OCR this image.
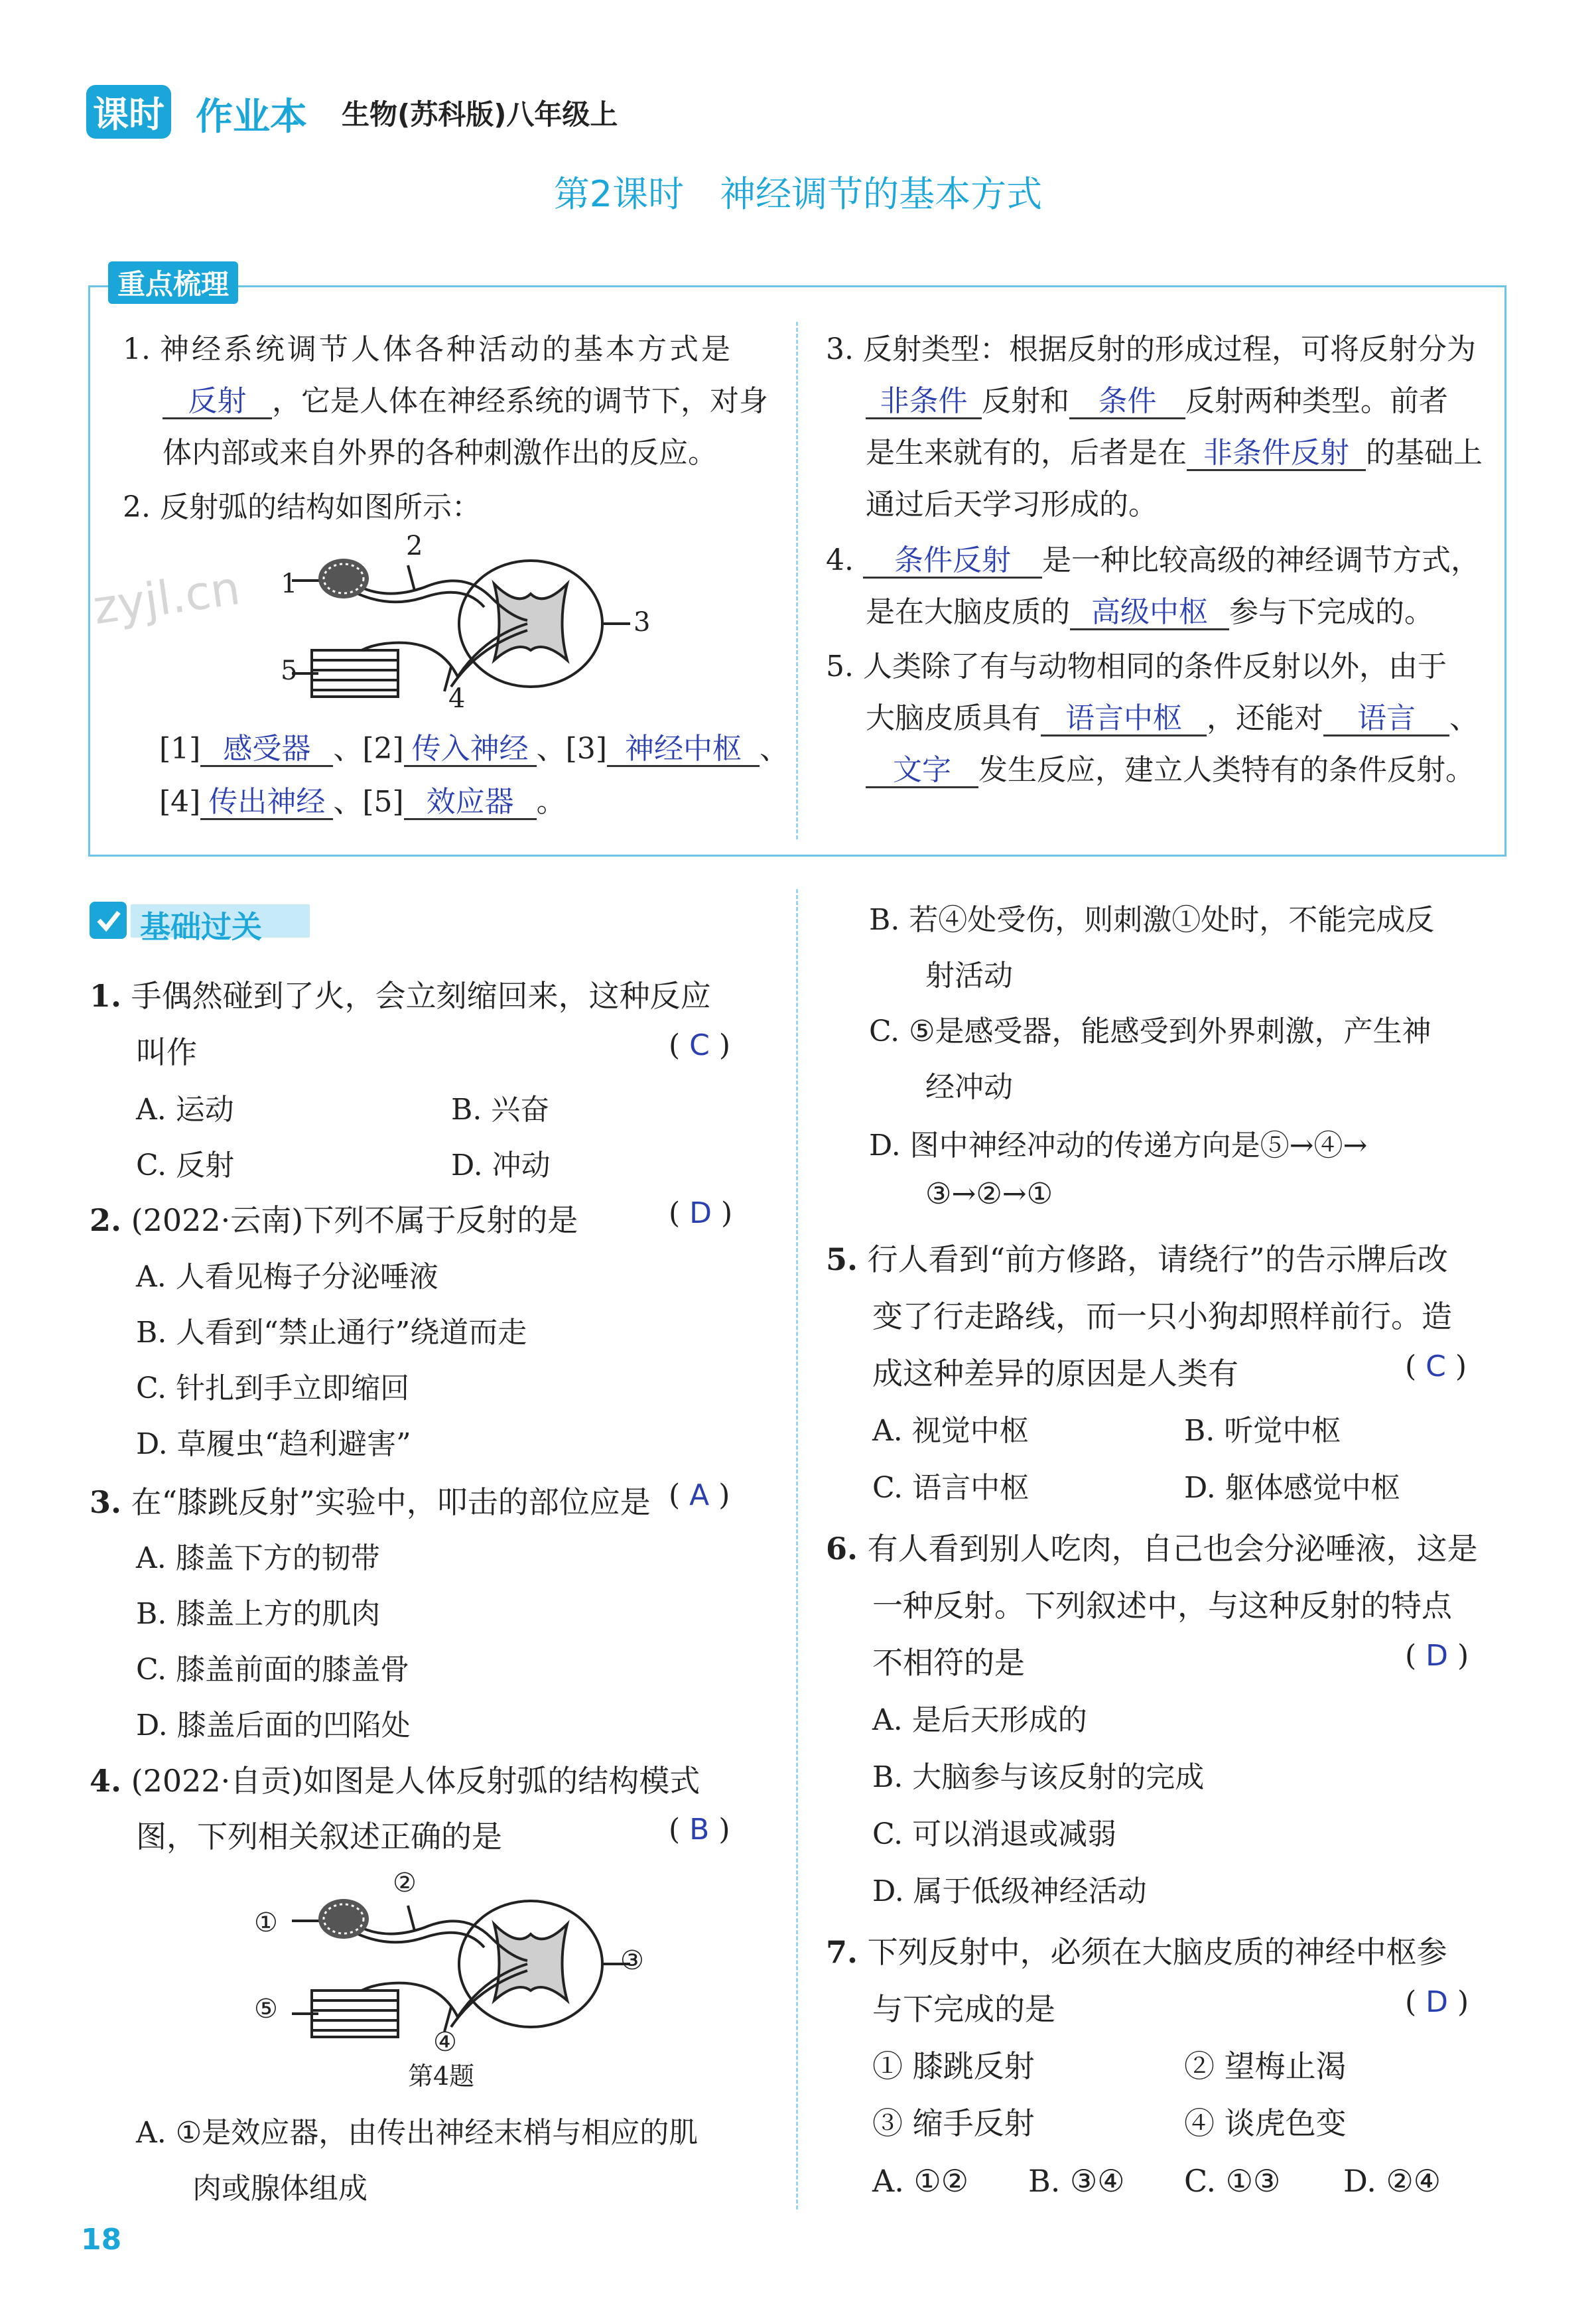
课时 作业本 生物(苏科版)八年级上
第2课时　神经调节的基本方式
重点梳理
1. 神经系统调节人体各种活动的基本方式是
反射 ，它是人体在神经系统的调节下，对身
体内部或来自外界的各种刺激作出的反应。
2. 反射弧的结构如图所示：
1
2
3
4
5
[1] 感受器 、[2] 传入神经 、[3] 神经中枢 、
[4] 传出神经 、[5] 效应器 。
3. 反射类型：根据反射的形成过程，可将反射分为
非条件 反射和 条件 反射两种类型。前者
是生来就有的，后者是在 非条件反射 的基础上
通过后天学习形成的。
4. 条件反射 是一种比较高级的神经调节方式，
是在大脑皮质的 高级中枢 参与下完成的。
5. 人类除了有与动物相同的条件反射以外，由于
大脑皮质具有 语言中枢 ，还能对 语言 、
文字 发生反应，建立人类特有的条件反射。
zyjl.cn
基础过关
1. 手偶然碰到了火，会立刻缩回来，这种反应
叫作	( C )
A. 运动	B. 兴奋
C. 反射	D. 冲动
2. (2022·云南)下列不属于反射的是	( D )
A. 人看见梅子分泌唾液
B. 人看到“禁止通行”绕道而走
C. 针扎到手立即缩回
D. 草履虫“趋利避害”
3. 在“膝跳反射”实验中，叩击的部位应是 ( A )
A. 膝盖下方的韧带
B. 膝盖上方的肌肉
C. 膝盖前面的膝盖骨
D. 膝盖后面的凹陷处
4. (2022·自贡)如图是人体反射弧的结构模式
图，下列相关叙述正确的是	( B )
①
②
③
④
⑤
第4题
A. ①是效应器，由传出神经末梢与相应的肌
肉或腺体组成
B. 若④处受伤，则刺激①处时，不能完成反
射活动
C. ⑤是感受器，能感受到外界刺激，产生神
经冲动
D. 图中神经冲动的传递方向是⑤→④→
③→②→①
5. 行人看到“前方修路，请绕行”的告示牌后改
变了行走路线，而一只小狗却照样前行。造
成这种差异的原因是人类有	( C )
A. 视觉中枢	B. 听觉中枢
C. 语言中枢	D. 躯体感觉中枢
6. 有人看到别人吃肉，自己也会分泌唾液，这是
一种反射。下列叙述中，与这种反射的特点
不相符的是	( D )
A. 是后天形成的
B. 大脑参与该反射的完成
C. 可以消退或减弱
D. 属于低级神经活动
7. 下列反射中，必须在大脑皮质的神经中枢参
与下完成的是	( D )
① 膝跳反射	② 望梅止渴
③ 缩手反射	④ 谈虎色变
A. ①② B. ③④ C. ①③ D. ②④
18
